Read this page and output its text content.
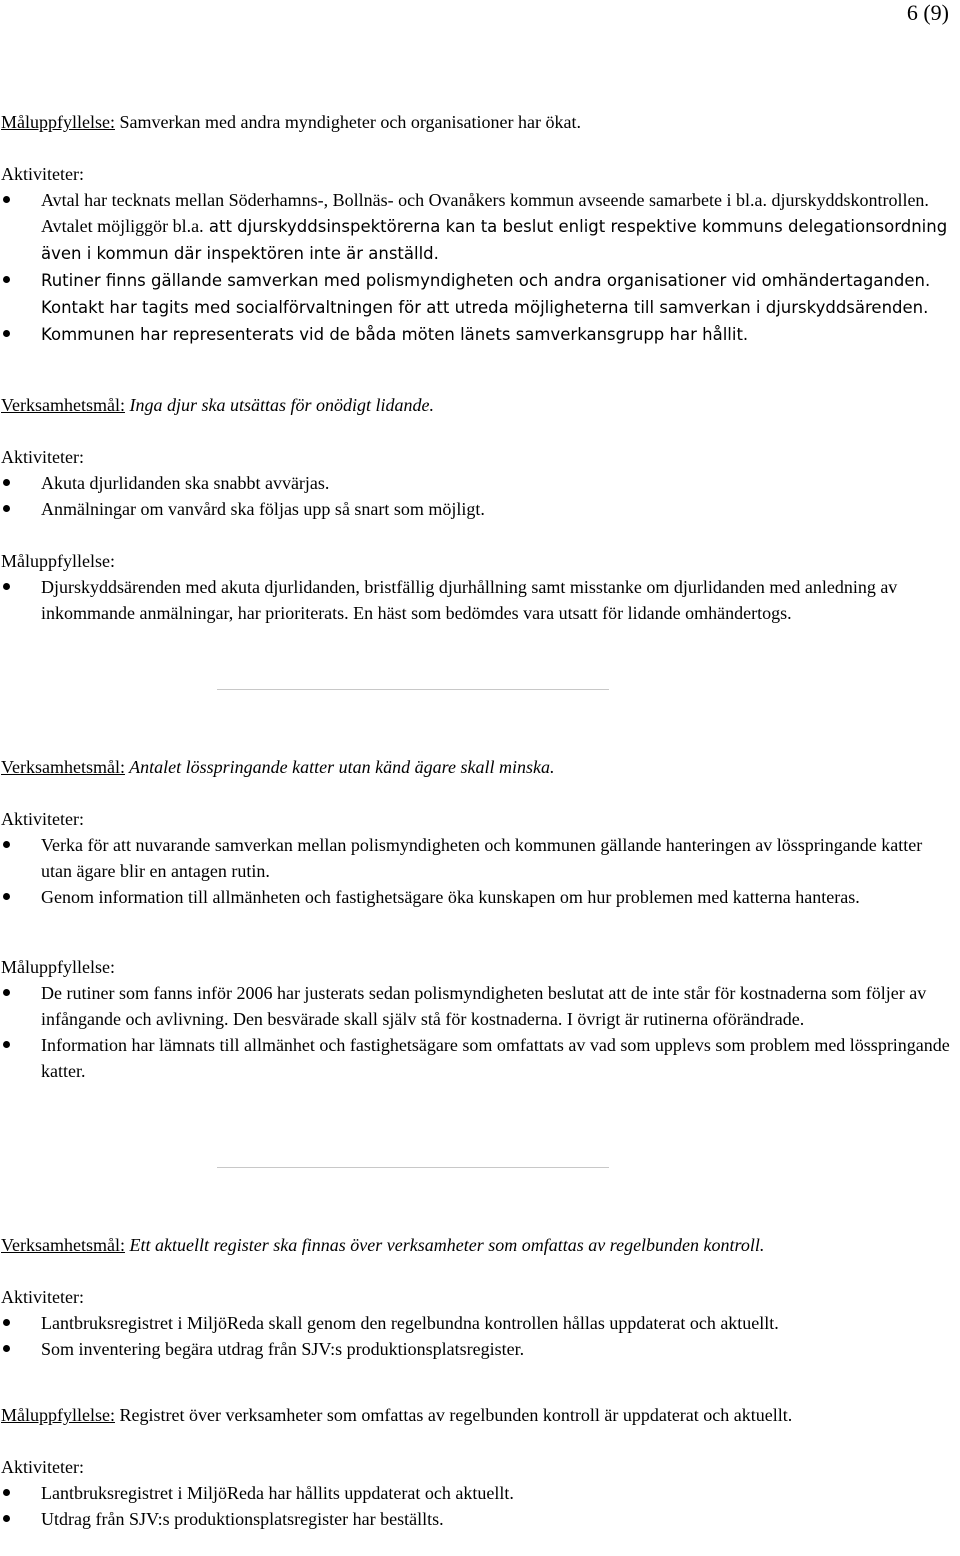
6 (9)

Måluppfyllelse: Samverkan med andra myndigheter och organisationer har ökat.

Aktiviteter:

Avtal har tecknats mellan Söderhamns-, Bollnäs- och Ovanåkers kommun avseende samarbete i bl.a. djurskyddskontrollen. Avtalet möjliggör bl.a. att djurskyddsinspektörerna kan ta beslut enligt respektive kommuns delegationsordning även i kommun där inspektören inte är anställd.
Rutiner finns gällande samverkan med polismyndigheten och andra organisationer vid omhändertaganden. Kontakt har tagits med socialförvaltningen för att utreda möjligheterna till samverkan i djurskyddsärenden.
Kommunen har representerats vid de båda möten länets samverkansgrupp har hållit.

Verksamhetsmål: Inga djur ska utsättas för onödigt lidande.

Aktiviteter:

Akuta djurlidanden ska snabbt avvärjas.
Anmälningar om vanvård ska följas upp så snart som möjligt.

Måluppfyllelse:

Djurskyddsärenden med akuta djurlidanden, bristfällig djurhållning samt misstanke om djurlidanden med anledning av inkommande anmälningar, har prioriterats. En häst som bedömdes vara utsatt för lidande omhändertogs.

Verksamhetsmål: Antalet lösspringande katter utan känd ägare skall minska.

Aktiviteter:

Verka för att nuvarande samverkan mellan polismyndigheten och kommunen gällande hanteringen av lösspringande katter utan ägare blir en antagen rutin.
Genom information till allmänheten och fastighetsägare öka kunskapen om hur problemen med katterna hanteras.

Måluppfyllelse:

De rutiner som fanns inför 2006 har justerats sedan polismyndigheten beslutat att de inte står för kostnaderna som följer av infångande och avlivning. Den besvärade skall själv stå för kostnaderna. I övrigt är rutinerna oförändrade.
Information har lämnats till allmänhet och fastighetsägare som omfattats av vad som upplevs som problem med lösspringande katter.

Verksamhetsmål: Ett aktuellt register ska finnas över verksamheter som omfattas av regelbunden kontroll.

Aktiviteter:

Lantbruksregistret i MiljöReda skall genom den regelbundna kontrollen hållas uppdaterat och aktuellt.
Som inventering begära utdrag från SJV:s produktionsplatsregister.

Måluppfyllelse: Registret över verksamheter som omfattas av regelbunden kontroll är uppdaterat och aktuellt.

Aktiviteter:

Lantbruksregistret i MiljöReda har hållits uppdaterat och aktuellt.
Utdrag från SJV:s produktionsplatsregister har beställts.
